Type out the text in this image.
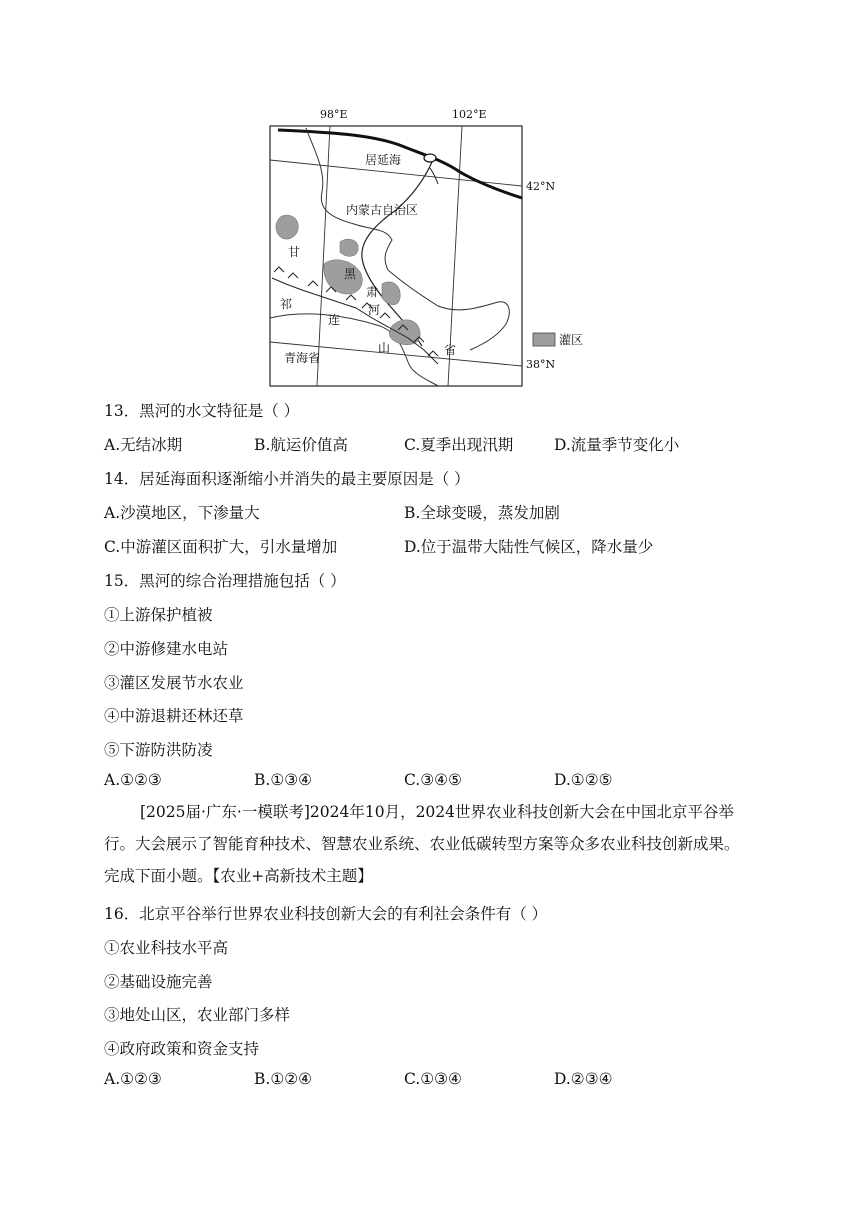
98°E	102°E
居延海
内蒙古自治区
甘
黑
肃
河
祁
连
山	省
青海省
42°N
38°N
灌区
13．黑河的水文特征是（ ）
A.无结冰期	B.航运价值高	C.夏季出现汛期	D.流量季节变化小
14．居延海面积逐渐缩小并消失的最主要原因是（ ）
A.沙漠地区，下渗量大	B.全球变暖，蒸发加剧
C.中游灌区面积扩大，引水量增加	D.位于温带大陆性气候区，降水量少
15．黑河的综合治理措施包括（ ）
①上游保护植被
②中游修建水电站
③灌区发展节水农业
④中游退耕还林还草
⑤下游防洪防凌
A.①②③	B.①③④	C.③④⑤	D.①②⑤
[2025届·广东·一模联考]2024年10月，2024世界农业科技创新大会在中国北京平谷举行。大会展示了智能育种技术、智慧农业系统、农业低碳转型方案等众多农业科技创新成果。完成下面小题。【农业+高新技术主题】
16．北京平谷举行世界农业科技创新大会的有利社会条件有（ ）
①农业科技水平高
②基础设施完善
③地处山区，农业部门多样
④政府政策和资金支持
A.①②③	B.①②④	C.①③④	D.②③④
